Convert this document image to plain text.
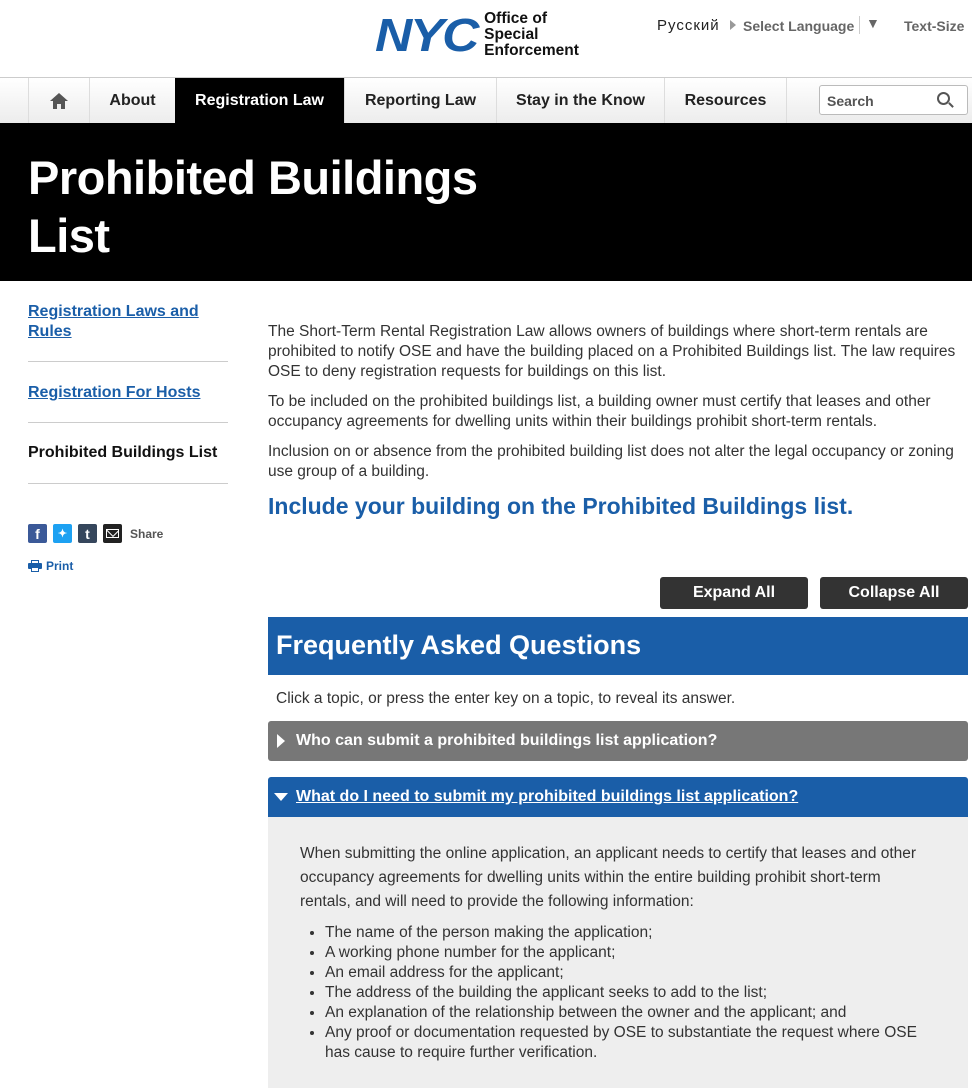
NYC Office of
Special
Enforcement
Русский Select Language ▼ Text-Size
About	Registration Law	Reporting Law	Stay in the Know	Resources	Search
Prohibited Buildings List
Registration Laws and Rules
Registration For Hosts
Prohibited Buildings List
f	✦	t	Share
Print

The Short-Term Rental Registration Law allows owners of buildings where short-term rentals are prohibited to notify OSE and have the building placed on a Prohibited Buildings list. The law requires OSE to deny registration requests for buildings on this list.

To be included on the prohibited buildings list, a building owner must certify that leases and other occupancy agreements for dwelling units within their buildings prohibit short-term rentals.

Inclusion on or absence from the prohibited building list does not alter the legal occupancy or zoning use group of a building.

Include your building on the Prohibited Buildings list.
Expand All	Collapse All
Frequently Asked Questions
Click a topic, or press the enter key on a topic, to reveal its answer.
Who can submit a prohibited buildings list application?
What do I need to submit my prohibited buildings list application?

When submitting the online application, an applicant needs to certify that leases and other occupancy agreements for dwelling units within the entire building prohibit short-term rentals, and will need to provide the following information:

• The name of the person making the application;
• A working phone number for the applicant;
• An email address for the applicant;
• The address of the building the applicant seeks to add to the list;
• An explanation of the relationship between the owner and the applicant; and
• Any proof or documentation requested by OSE to substantiate the request where OSE has cause to require further verification.
